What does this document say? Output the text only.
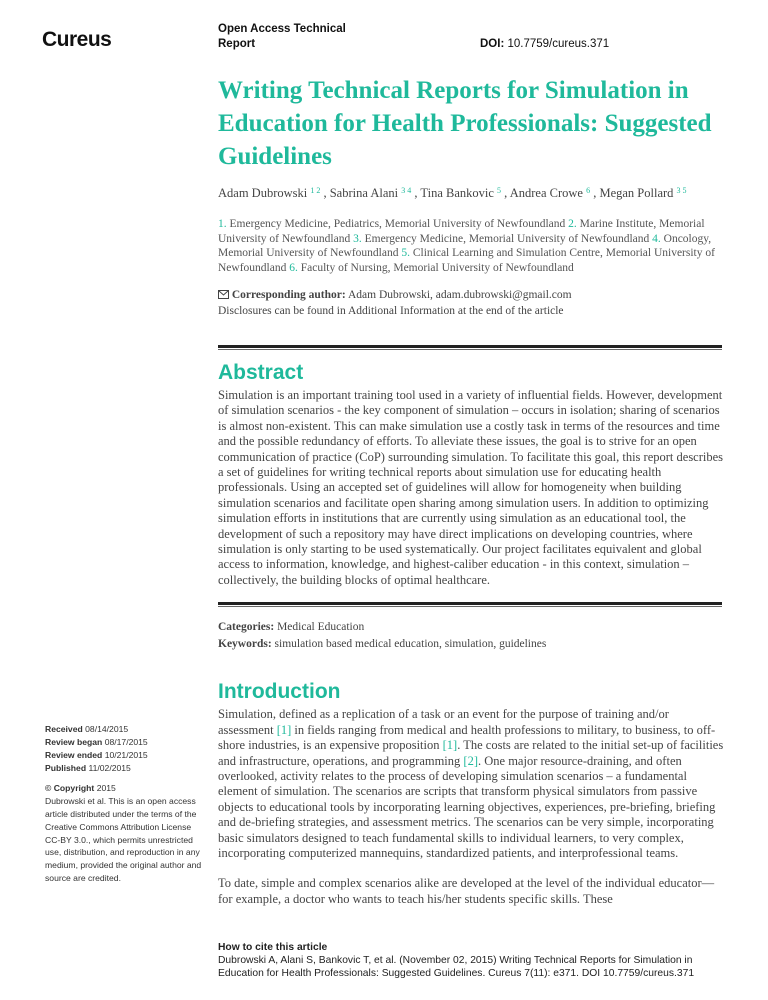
Cureus	Open Access Technical Report	DOI: 10.7759/cureus.371
Writing Technical Reports for Simulation in Education for Health Professionals: Suggested Guidelines
Adam Dubrowski $^{1 2}$ , Sabrina Alani $^{3 4}$ , Tina Bankovic $^5$ , Andrea Crowe $^6$ , Megan Pollard $^{3 5}$
1. Emergency Medicine, Pediatrics, Memorial University of Newfoundland 2. Marine Institute, Memorial University of Newfoundland 3. Emergency Medicine, Memorial University of Newfoundland 4. Oncology, Memorial University of Newfoundland 5. Clinical Learning and Simulation Centre, Memorial University of Newfoundland 6. Faculty of Nursing, Memorial University of Newfoundland
Corresponding author: Adam Dubrowski, adam.dubrowski@gmail.com
Disclosures can be found in Additional Information at the end of the article
Abstract

Simulation is an important training tool used in a variety of influential fields. However, development of simulation scenarios - the key component of simulation – occurs in isolation; sharing of scenarios is almost non-existent. This can make simulation use a costly task in terms of the resources and time and the possible redundancy of efforts. To alleviate these issues, the goal is to strive for an open communication of practice (CoP) surrounding simulation. To facilitate this goal, this report describes a set of guidelines for writing technical reports about simulation use for educating health professionals. Using an accepted set of guidelines will allow for homogeneity when building simulation scenarios and facilitate open sharing among simulation users. In addition to optimizing simulation efforts in institutions that are currently using simulation as an educational tool, the development of such a repository may have direct implications on developing countries, where simulation is only starting to be used systematically. Our project facilitates equivalent and global access to information, knowledge, and highest-caliber education - in this context, simulation – collectively, the building blocks of optimal healthcare.

Categories: Medical Education
Keywords: simulation based medical education, simulation, guidelines
Introduction

Simulation, defined as a replication of a task or an event for the purpose of training and/or assessment [1] in fields ranging from medical and health professions to military, to business, to off-shore industries, is an expensive proposition [1]. The costs are related to the initial set-up of facilities and infrastructure, operations, and programming [2]. One major resource-draining, and often overlooked, activity relates to the process of developing simulation scenarios – a fundamental element of simulation. The scenarios are scripts that transform physical simulators from passive objects to educational tools by incorporating learning objectives, experiences, pre-briefing, briefing and de-briefing strategies, and assessment metrics. The scenarios can be very simple, incorporating basic simulators designed to teach fundamental skills to individual learners, to very complex, incorporating computerized mannequins, standardized patients, and interprofessional teams.

To date, simple and complex scenarios alike are developed at the level of the individual educator—for example, a doctor who wants to teach his/her students specific skills. These

Received 08/14/2015
Review began 08/17/2015
Review ended 10/21/2015
Published 11/02/2015
© Copyright 2015
Dubrowski et al. This is an open access article distributed under the terms of the Creative Commons Attribution License CC-BY 3.0., which permits unrestricted use, distribution, and reproduction in any medium, provided the original author and source are credited.
How to cite this article
Dubrowski A, Alani S, Bankovic T, et al. (November 02, 2015) Writing Technical Reports for Simulation in Education for Health Professionals: Suggested Guidelines. Cureus 7(11): e371. DOI 10.7759/cureus.371
